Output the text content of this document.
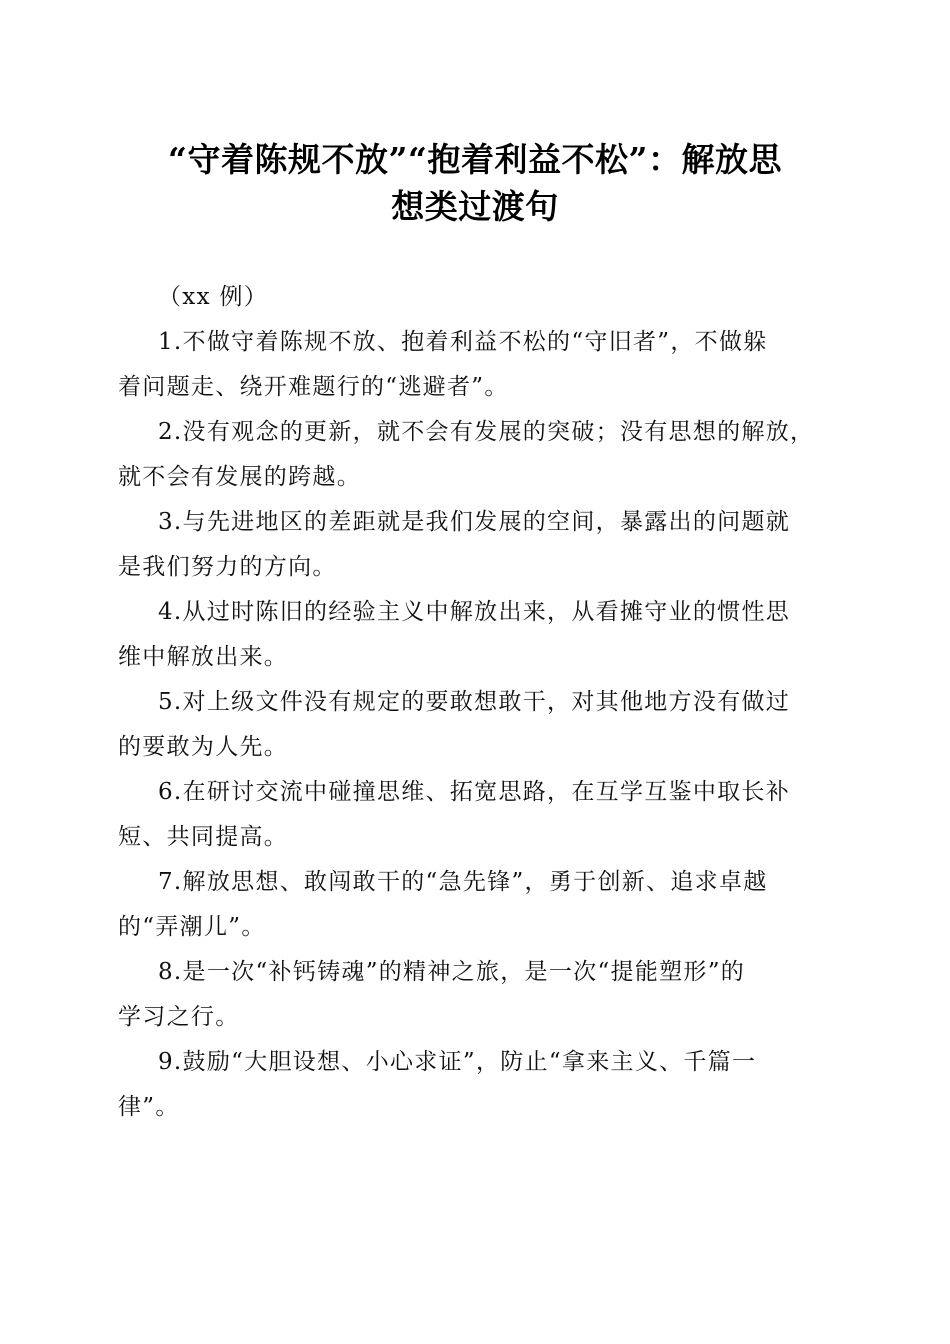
“守着陈规不放”“抱着利益不松”：解放思
想类过渡句

（xx 例）

1.不做守着陈规不放、抱着利益不松的“守旧者”，不做躲
着问题走、绕开难题行的“逃避者”。

2.没有观念的更新，就不会有发展的突破；没有思想的解放，
就不会有发展的跨越。

3.与先进地区的差距就是我们发展的空间，暴露出的问题就
是我们努力的方向。

4.从过时陈旧的经验主义中解放出来，从看摊守业的惯性思
维中解放出来。

5.对上级文件没有规定的要敢想敢干，对其他地方没有做过
的要敢为人先。

6.在研讨交流中碰撞思维、拓宽思路，在互学互鉴中取长补
短、共同提高。

7.解放思想、敢闯敢干的“急先锋”，勇于创新、追求卓越
的“弄潮儿”。

8.是一次“补钙铸魂”的精神之旅，是一次“提能塑形”的
学习之行。

9.鼓励“大胆设想、小心求证”，防止“拿来主义、千篇一
律”。
